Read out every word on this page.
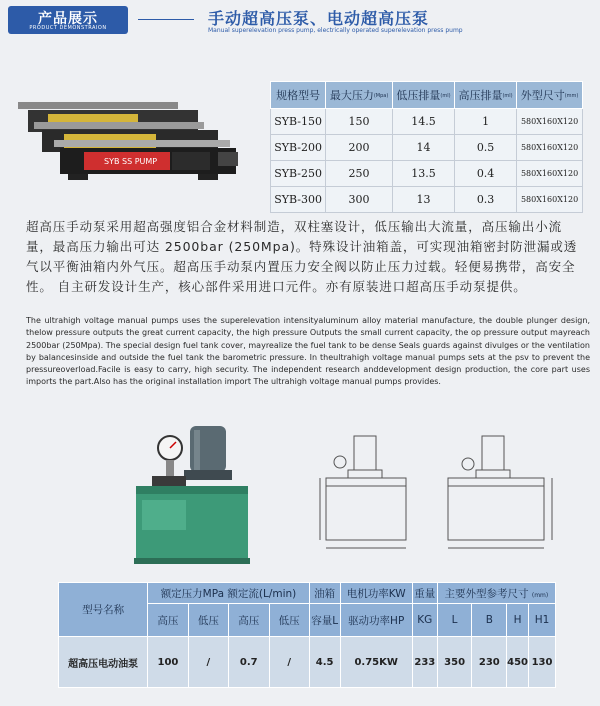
产品展示
PRODUCT DEMONSTRAION	手动超高压泵、电动超高压泵
Manual superelevation press pump, electrically operated superelevation press pump
SYB SS PUMP
规格型号	最大压力(Mpa)	低压排量(ml)	高压排量(ml)	外型尺寸(mm)
SYB-150	150	14.5	1	580X160X120
SYB-200	200	14	0.5	580X160X120
SYB-250	250	13.5	0.4	580X160X120
SYB-300	300	13	0.3	580X160X120
超高压手动泵采用超高强度铝合金材料制造，双柱塞设计，低压输出大流量，高压输出小流量，最高压力输出可达 2500bar (250Mpa)。特殊设计油箱盖，可实现油箱密封防泄漏或透气以平衡油箱内外气压。超高压手动泵内置压力安全阀以防止压力过载。轻便易携带，高安全性。 自主研发设计生产，核心部件采用进口元件。亦有原装进口超高压手动泵提供。
The ultrahigh voltage manual pumps uses the superelevation intensityaluminum alloy material manufacture, the double plunger design, thelow pressure outputs the great current capacity, the high pressure Outputs the small current capacity, the op pressure output mayreach 2500bar (250Mpa). The special design fuel tank cover, mayrealize the fuel tank to be dense Seals guards against divulges or the ventilation by balancesinside and outside the fuel tank the barometric pressure. In theultrahigh voltage manual pumps sets at the psv to prevent the pressureoverload.Facile is easy to carry, high security. The independent research anddevelopment design production, the core part uses imports the part.Also has the original installation import The ultrahigh voltage manual pumps provides.
型号名称	额定压力MPa 额定流(L/min)				油箱	电机功率KW	重量	主要外型参考尺寸 (mm)			
	高压	低压	高压	低压	容量L	驱动功率HP	KG	L	B	H	H1
超高压电动油泵	100	/	0.7	/	4.5	0.75KW	233	350	230	450	130
